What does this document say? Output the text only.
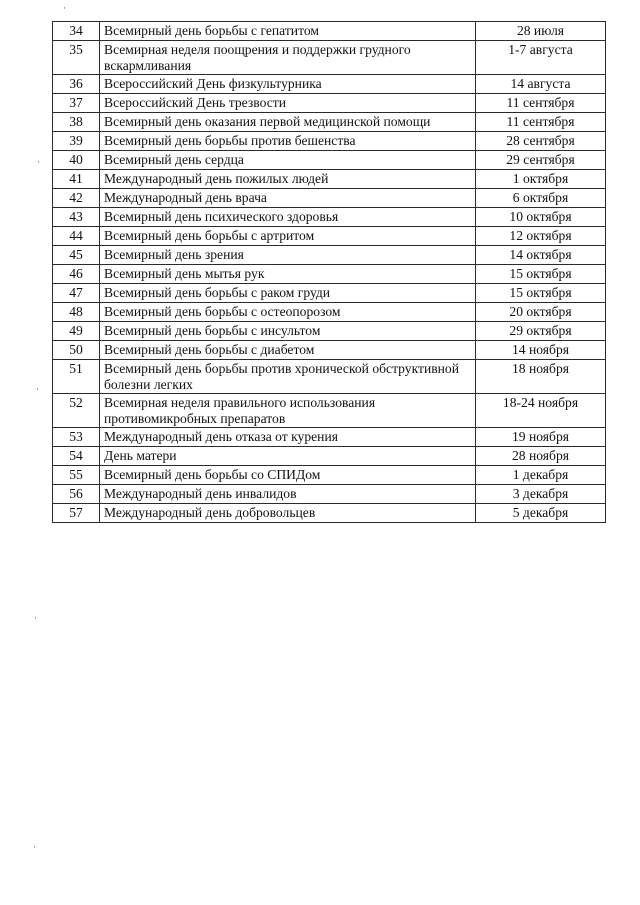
34	Всемирный день борьбы с гепатитом	28 июля
35	Всемирная неделя поощрения и поддержки грудного вскармливания	1-7 августа
36	Всероссийский День физкультурника	14 августа
37	Всероссийский День трезвости	11 сентября
38	Всемирный день оказания первой медицинской помощи	11 сентября
39	Всемирный день борьбы против бешенства	28 сентября
40	Всемирный день сердца	29 сентября
41	Международный день пожилых людей	1 октября
42	Международный день врача	6 октября
43	Всемирный день психического здоровья	10 октября
44	Всемирный день борьбы с артритом	12 октября
45	Всемирный день зрения	14 октября
46	Всемирный день мытья рук	15 октября
47	Всемирный день борьбы с раком груди	15 октября
48	Всемирный день борьбы с остеопорозом	20 октября
49	Всемирный день борьбы с инсультом	29 октября
50	Всемирный день борьбы с диабетом	14 ноября
51	Всемирный день борьбы против хронической обструктивной болезни легких	18 ноября
52	Всемирная неделя правильного использования противомикробных препаратов	18-24 ноября
53	Международный день отказа от курения	19 ноября
54	День матери	28 ноября
55	Всемирный день борьбы со СПИДом	1 декабря
56	Международный день инвалидов	3 декабря
57	Международный день добровольцев	5 декабря
·
·
·
·
·
